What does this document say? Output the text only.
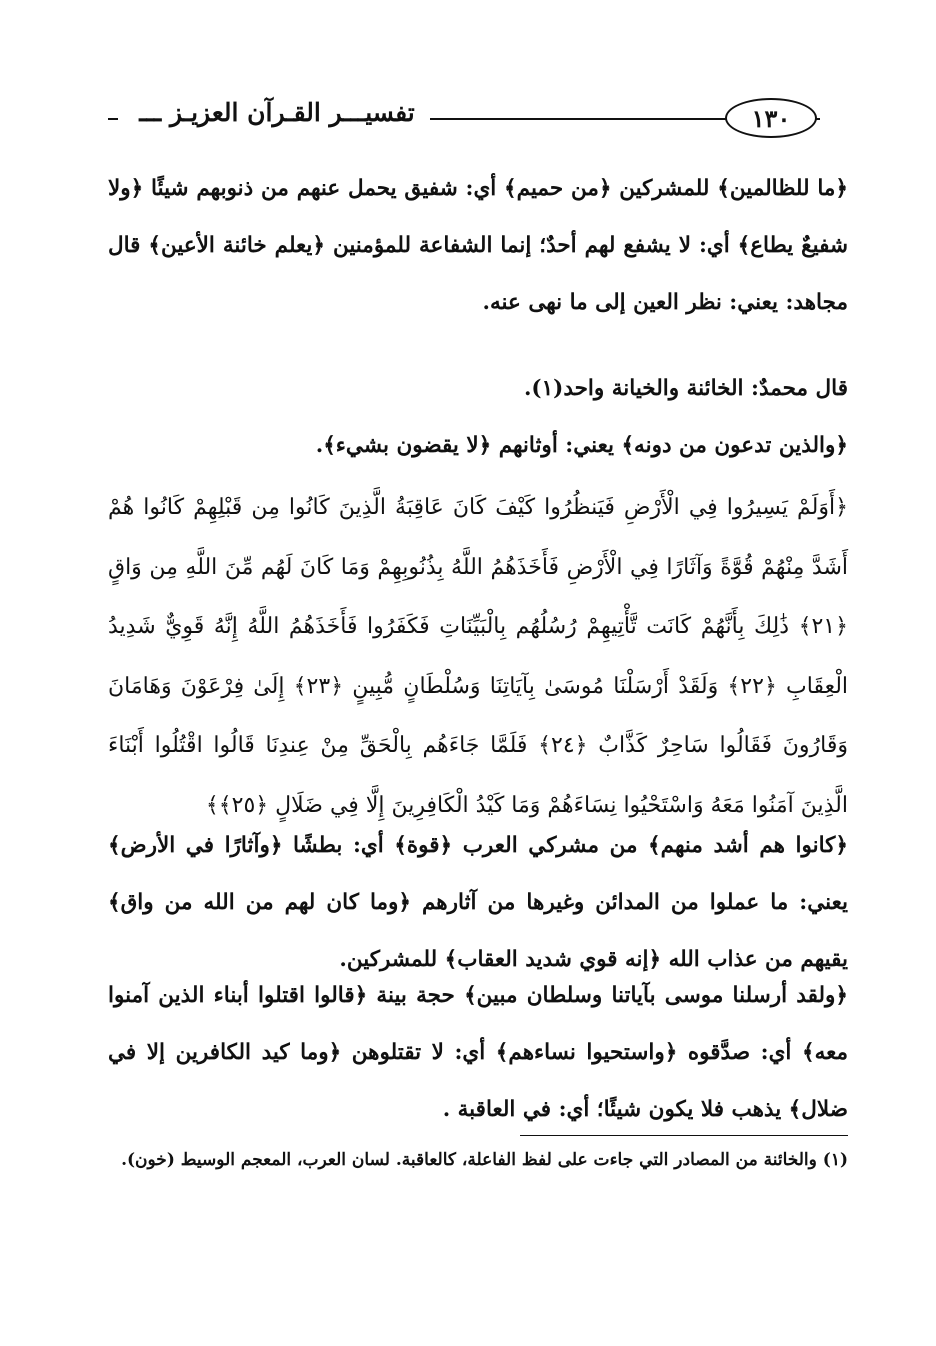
تفسيـــر القـرآن العزيـز ـــ	١٣٠
﴿ما للظالمين﴾ للمشركين ﴿من حميم﴾ أي: شفيق يحمل عنهم من ذنوبهم شيئًا ﴿ولا شفيعٌ يطاع﴾ أي: لا يشفع لهم أحدٌ؛ إنما الشفاعة للمؤمنين ﴿يعلم خائنة الأعين﴾ قال مجاهد: يعني: نظر العين إلى ما نهى عنه.
قال محمدٌ: الخائنة والخيانة واحد(١).
﴿والذين تدعون من دونه﴾ يعني: أوثانهم ﴿لا يقضون بشيء﴾.
﴿أَوَلَمْ يَسِيرُوا فِي الْأَرْضِ فَيَنظُرُوا كَيْفَ كَانَ عَاقِبَةُ الَّذِينَ كَانُوا مِن قَبْلِهِمْ كَانُوا هُمْ أَشَدَّ مِنْهُمْ قُوَّةً وَآثَارًا فِي الْأَرْضِ فَأَخَذَهُمُ اللَّهُ بِذُنُوبِهِمْ وَمَا كَانَ لَهُم مِّنَ اللَّهِ مِن وَاقٍ ﴿٢١﴾ ذَٰلِكَ بِأَنَّهُمْ كَانَت تَّأْتِيهِمْ رُسُلُهُم بِالْبَيِّنَاتِ فَكَفَرُوا فَأَخَذَهُمُ اللَّهُ إِنَّهُ قَوِيٌّ شَدِيدُ الْعِقَابِ ﴿٢٢﴾ وَلَقَدْ أَرْسَلْنَا مُوسَىٰ بِآيَاتِنَا وَسُلْطَانٍ مُّبِينٍ ﴿٢٣﴾ إِلَىٰ فِرْعَوْنَ وَهَامَانَ وَقَارُونَ فَقَالُوا سَاحِرٌ كَذَّابٌ ﴿٢٤﴾ فَلَمَّا جَاءَهُم بِالْحَقِّ مِنْ عِندِنَا قَالُوا اقْتُلُوا أَبْنَاءَ الَّذِينَ آمَنُوا مَعَهُ وَاسْتَحْيُوا نِسَاءَهُمْ وَمَا كَيْدُ الْكَافِرِينَ إِلَّا فِي ضَلَالٍ ﴿٢٥﴾﴾
﴿كانوا هم أشد منهم﴾ من مشركي العرب ﴿قوة﴾ أي: بطشًا ﴿وآثارًا في الأرض﴾ يعني: ما عملوا من المدائن وغيرها من آثارهم ﴿وما كان لهم من الله من واق﴾ يقيهم من عذاب الله ﴿إنه قوي شديد العقاب﴾ للمشركين.
﴿ولقد أرسلنا موسى بآياتنا وسلطان مبين﴾ حجة بينة ﴿قالوا اقتلوا أبناء الذين آمنوا معه﴾ أي: صدَّقوه ﴿واستحيوا نساءهم﴾ أي: لا تقتلوهن ﴿وما كيد الكافرين إلا في ضلال﴾ يذهب فلا يكون شيئًا؛ أي: في العاقبة .
(١) والخائنة من المصادر التي جاءت على لفظ الفاعلة، كالعاقبة. لسان العرب، المعجم الوسيط (خون).
